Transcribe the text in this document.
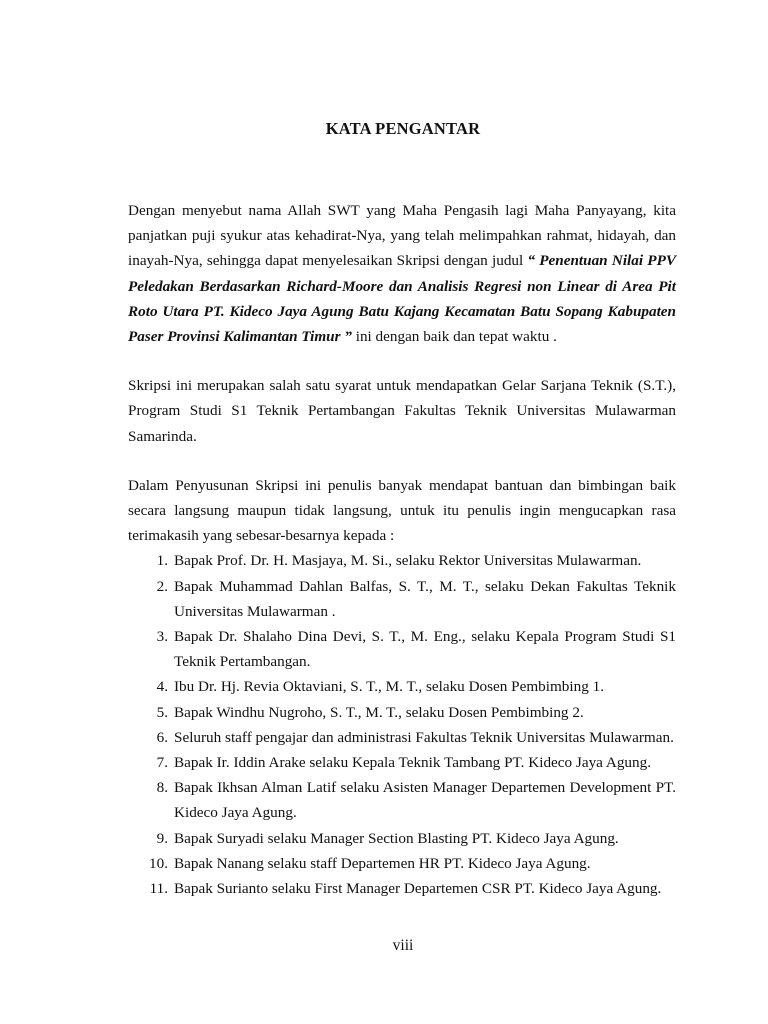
KATA PENGANTAR

Dengan menyebut nama Allah SWT yang Maha Pengasih lagi Maha Panyayang, kita panjatkan puji syukur atas kehadirat-Nya, yang telah melimpahkan rahmat, hidayah, dan inayah-Nya, sehingga dapat menyelesaikan Skripsi dengan judul “ Penentuan Nilai PPV Peledakan Berdasarkan Richard-Moore dan Analisis Regresi non Linear di Area Pit Roto Utara PT. Kideco Jaya Agung Batu Kajang Kecamatan Batu Sopang Kabupaten Paser Provinsi Kalimantan Timur ” ini dengan baik dan tepat waktu .

Skripsi ini merupakan salah satu syarat untuk mendapatkan Gelar Sarjana Teknik (S.T.), Program Studi S1 Teknik Pertambangan Fakultas Teknik Universitas Mulawarman Samarinda.

Dalam Penyusunan Skripsi ini penulis banyak mendapat bantuan dan bimbingan baik secara langsung maupun tidak langsung, untuk itu penulis ingin mengucapkan rasa terimakasih yang sebesar-besarnya kepada :

1. Bapak Prof. Dr. H. Masjaya, M. Si., selaku Rektor Universitas Mulawarman.
2. Bapak Muhammad Dahlan Balfas, S. T., M. T., selaku Dekan Fakultas Teknik Universitas Mulawarman .
3. Bapak Dr. Shalaho Dina Devi, S. T., M. Eng., selaku Kepala Program Studi S1 Teknik Pertambangan.
4. Ibu Dr. Hj. Revia Oktaviani, S. T., M. T., selaku Dosen Pembimbing 1.
5. Bapak Windhu Nugroho, S. T., M. T., selaku Dosen Pembimbing 2.
6. Seluruh staff pengajar dan administrasi Fakultas Teknik Universitas Mulawarman.
7. Bapak Ir. Iddin Arake selaku Kepala Teknik Tambang PT. Kideco Jaya Agung.
8. Bapak Ikhsan Alman Latif selaku Asisten Manager Departemen Development PT. Kideco Jaya Agung.
9. Bapak Suryadi selaku Manager Section Blasting PT. Kideco Jaya Agung.
10. Bapak Nanang selaku staff Departemen HR PT. Kideco Jaya Agung.
11. Bapak Surianto selaku First Manager Departemen CSR PT. Kideco Jaya Agung.
viii
